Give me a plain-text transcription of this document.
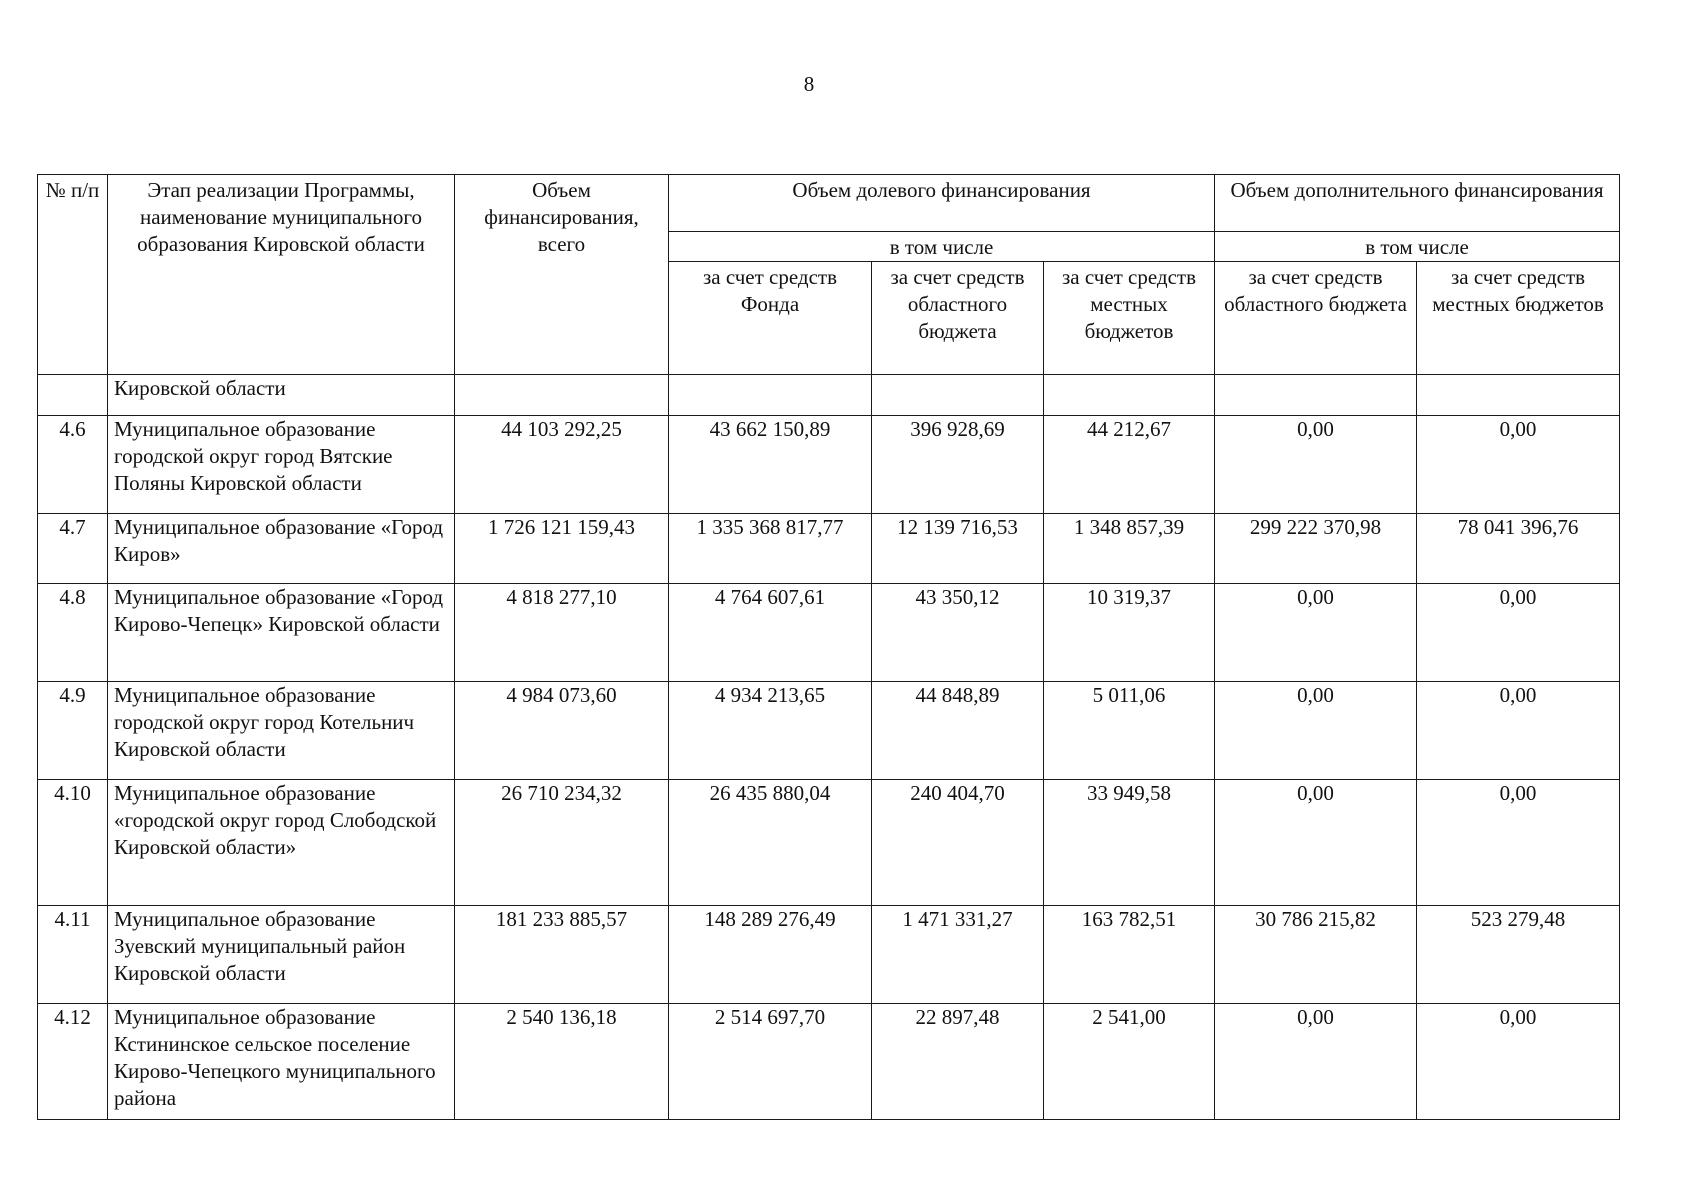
8
№ п/п	Этап реализации Программы, наименование муниципального образования Кировской области	Объем финансирования, всего	Объем долевого финансирования			Объем дополнительного финансирования	
			в том числе			в том числе	
			за счет средств Фонда	за счет средств областного бюджета	за счет средств местных бюджетов	за счет средств областного бюджета	за счет средств местных бюджетов
	Кировской области						
4.6	Муниципальное образование городской округ город Вятские Поляны Кировской области	44 103 292,25	43 662 150,89	396 928,69	44 212,67	0,00	0,00
4.7	Муниципальное образование «Город Киров»	1 726 121 159,43	1 335 368 817,77	12 139 716,53	1 348 857,39	299 222 370,98	78 041 396,76
4.8	Муниципальное образование «Город Кирово-Чепецк» Кировской области	4 818 277,10	4 764 607,61	43 350,12	10 319,37	0,00	0,00
4.9	Муниципальное образование городской округ город Котельнич Кировской области	4 984 073,60	4 934 213,65	44 848,89	5 011,06	0,00	0,00
4.10	Муниципальное образование «городской округ город Слободской Кировской области»	26 710 234,32	26 435 880,04	240 404,70	33 949,58	0,00	0,00
4.11	Муниципальное образование Зуевский муниципальный район Кировской области	181 233 885,57	148 289 276,49	1 471 331,27	163 782,51	30 786 215,82	523 279,48
4.12	Муниципальное образование Кстининское сельское поселение Кирово-Чепецкого муниципального района	2 540 136,18	2 514 697,70	22 897,48	2 541,00	0,00	0,00
